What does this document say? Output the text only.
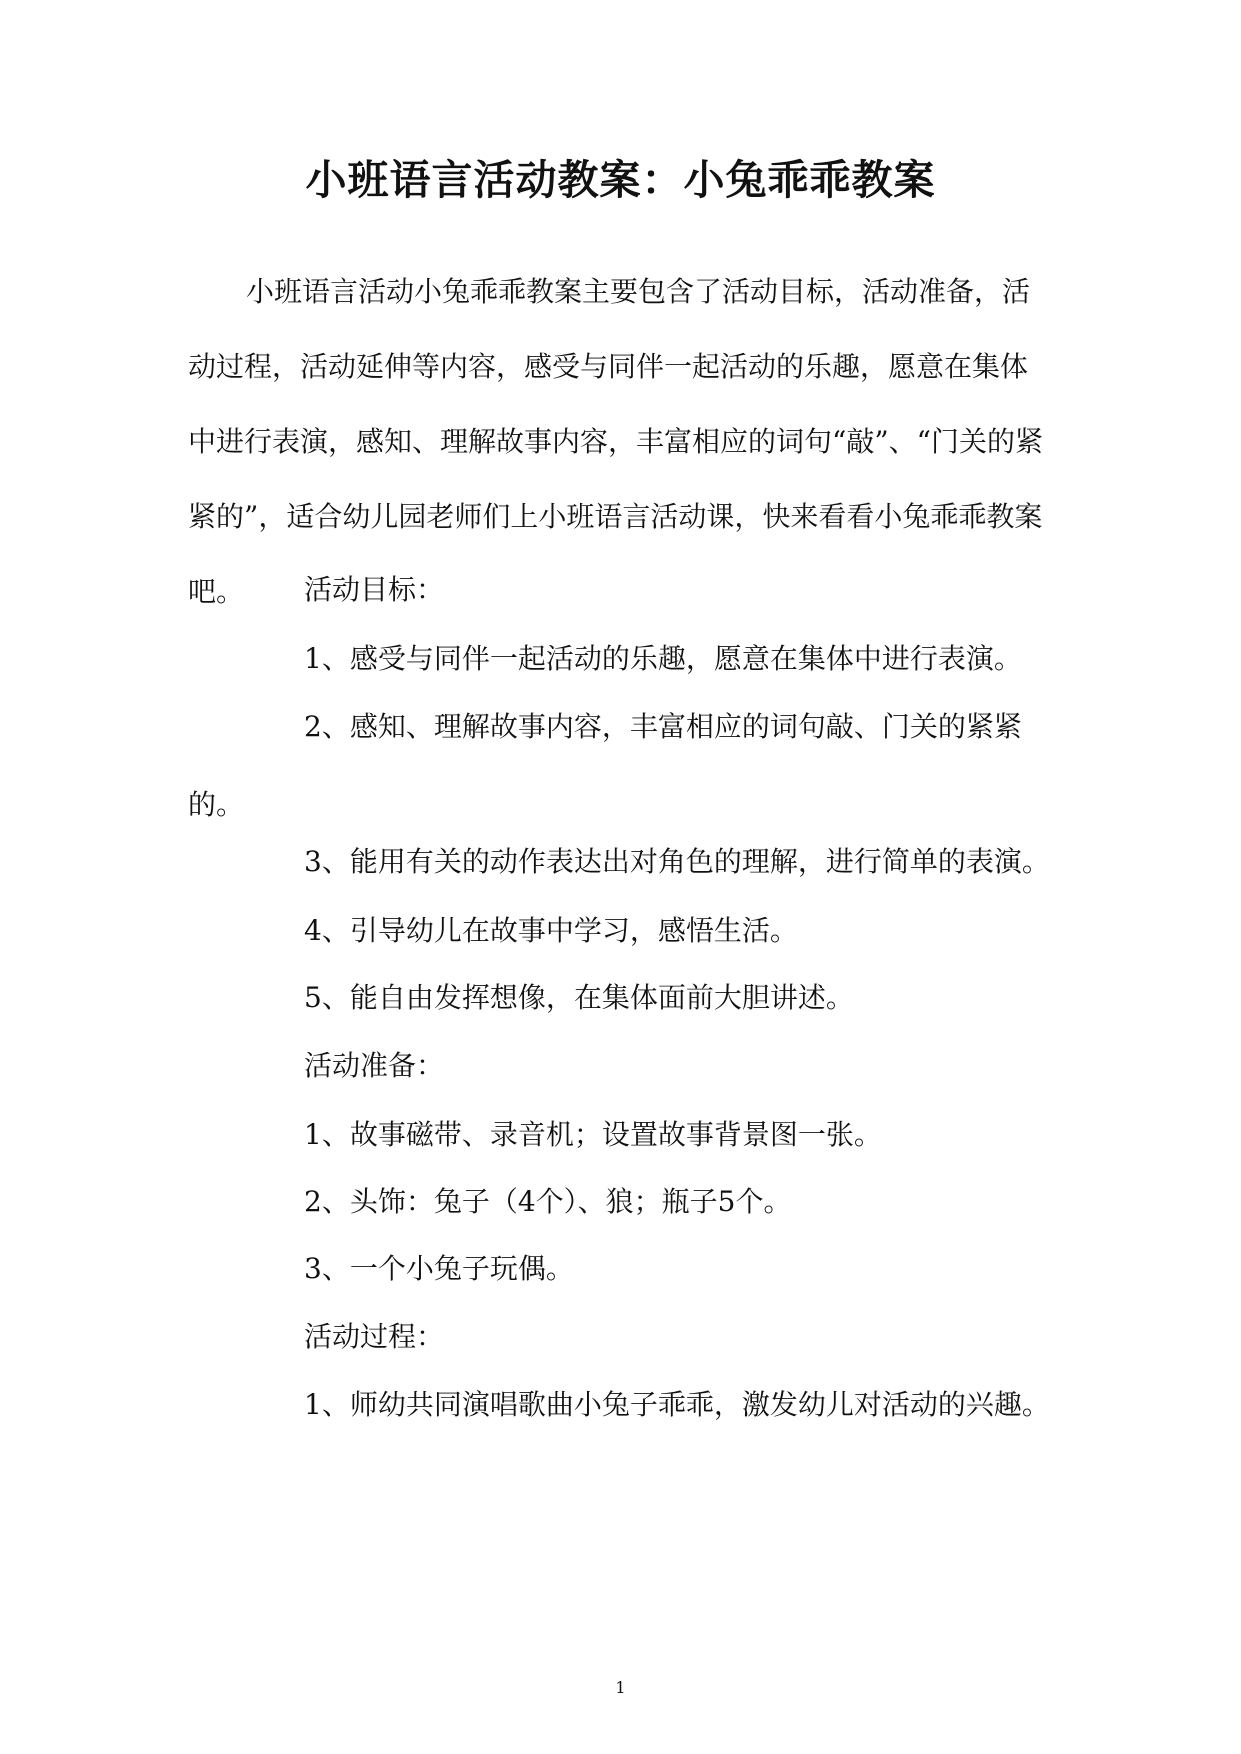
小班语言活动教案：小兔乖乖教案

小班语言活动小兔乖乖教案主要包含了活动目标，活动准备，活动过程，活动延伸等内容，感受与同伴一起活动的乐趣，愿意在集体中进行表演，感知、理解故事内容，丰富相应的词句“敲”、“门关的紧紧的”，适合幼儿园老师们上小班语言活动课，快来看看小兔乖乖教案吧。	活动目标：

1、感受与同伴一起活动的乐趣，愿意在集体中进行表演。

2、感知、理解故事内容，丰富相应的词句敲、门关的紧紧的。

3、能用有关的动作表达出对角色的理解，进行简单的表演。

4、引导幼儿在故事中学习，感悟生活。

5、能自由发挥想像，在集体面前大胆讲述。

活动准备：

1、故事磁带、录音机；设置故事背景图一张。

2、头饰：兔子（4个）、狼；瓶子5个。

3、一个小兔子玩偶。

活动过程：

1、师幼共同演唱歌曲小兔子乖乖，激发幼儿对活动的兴趣。

1
